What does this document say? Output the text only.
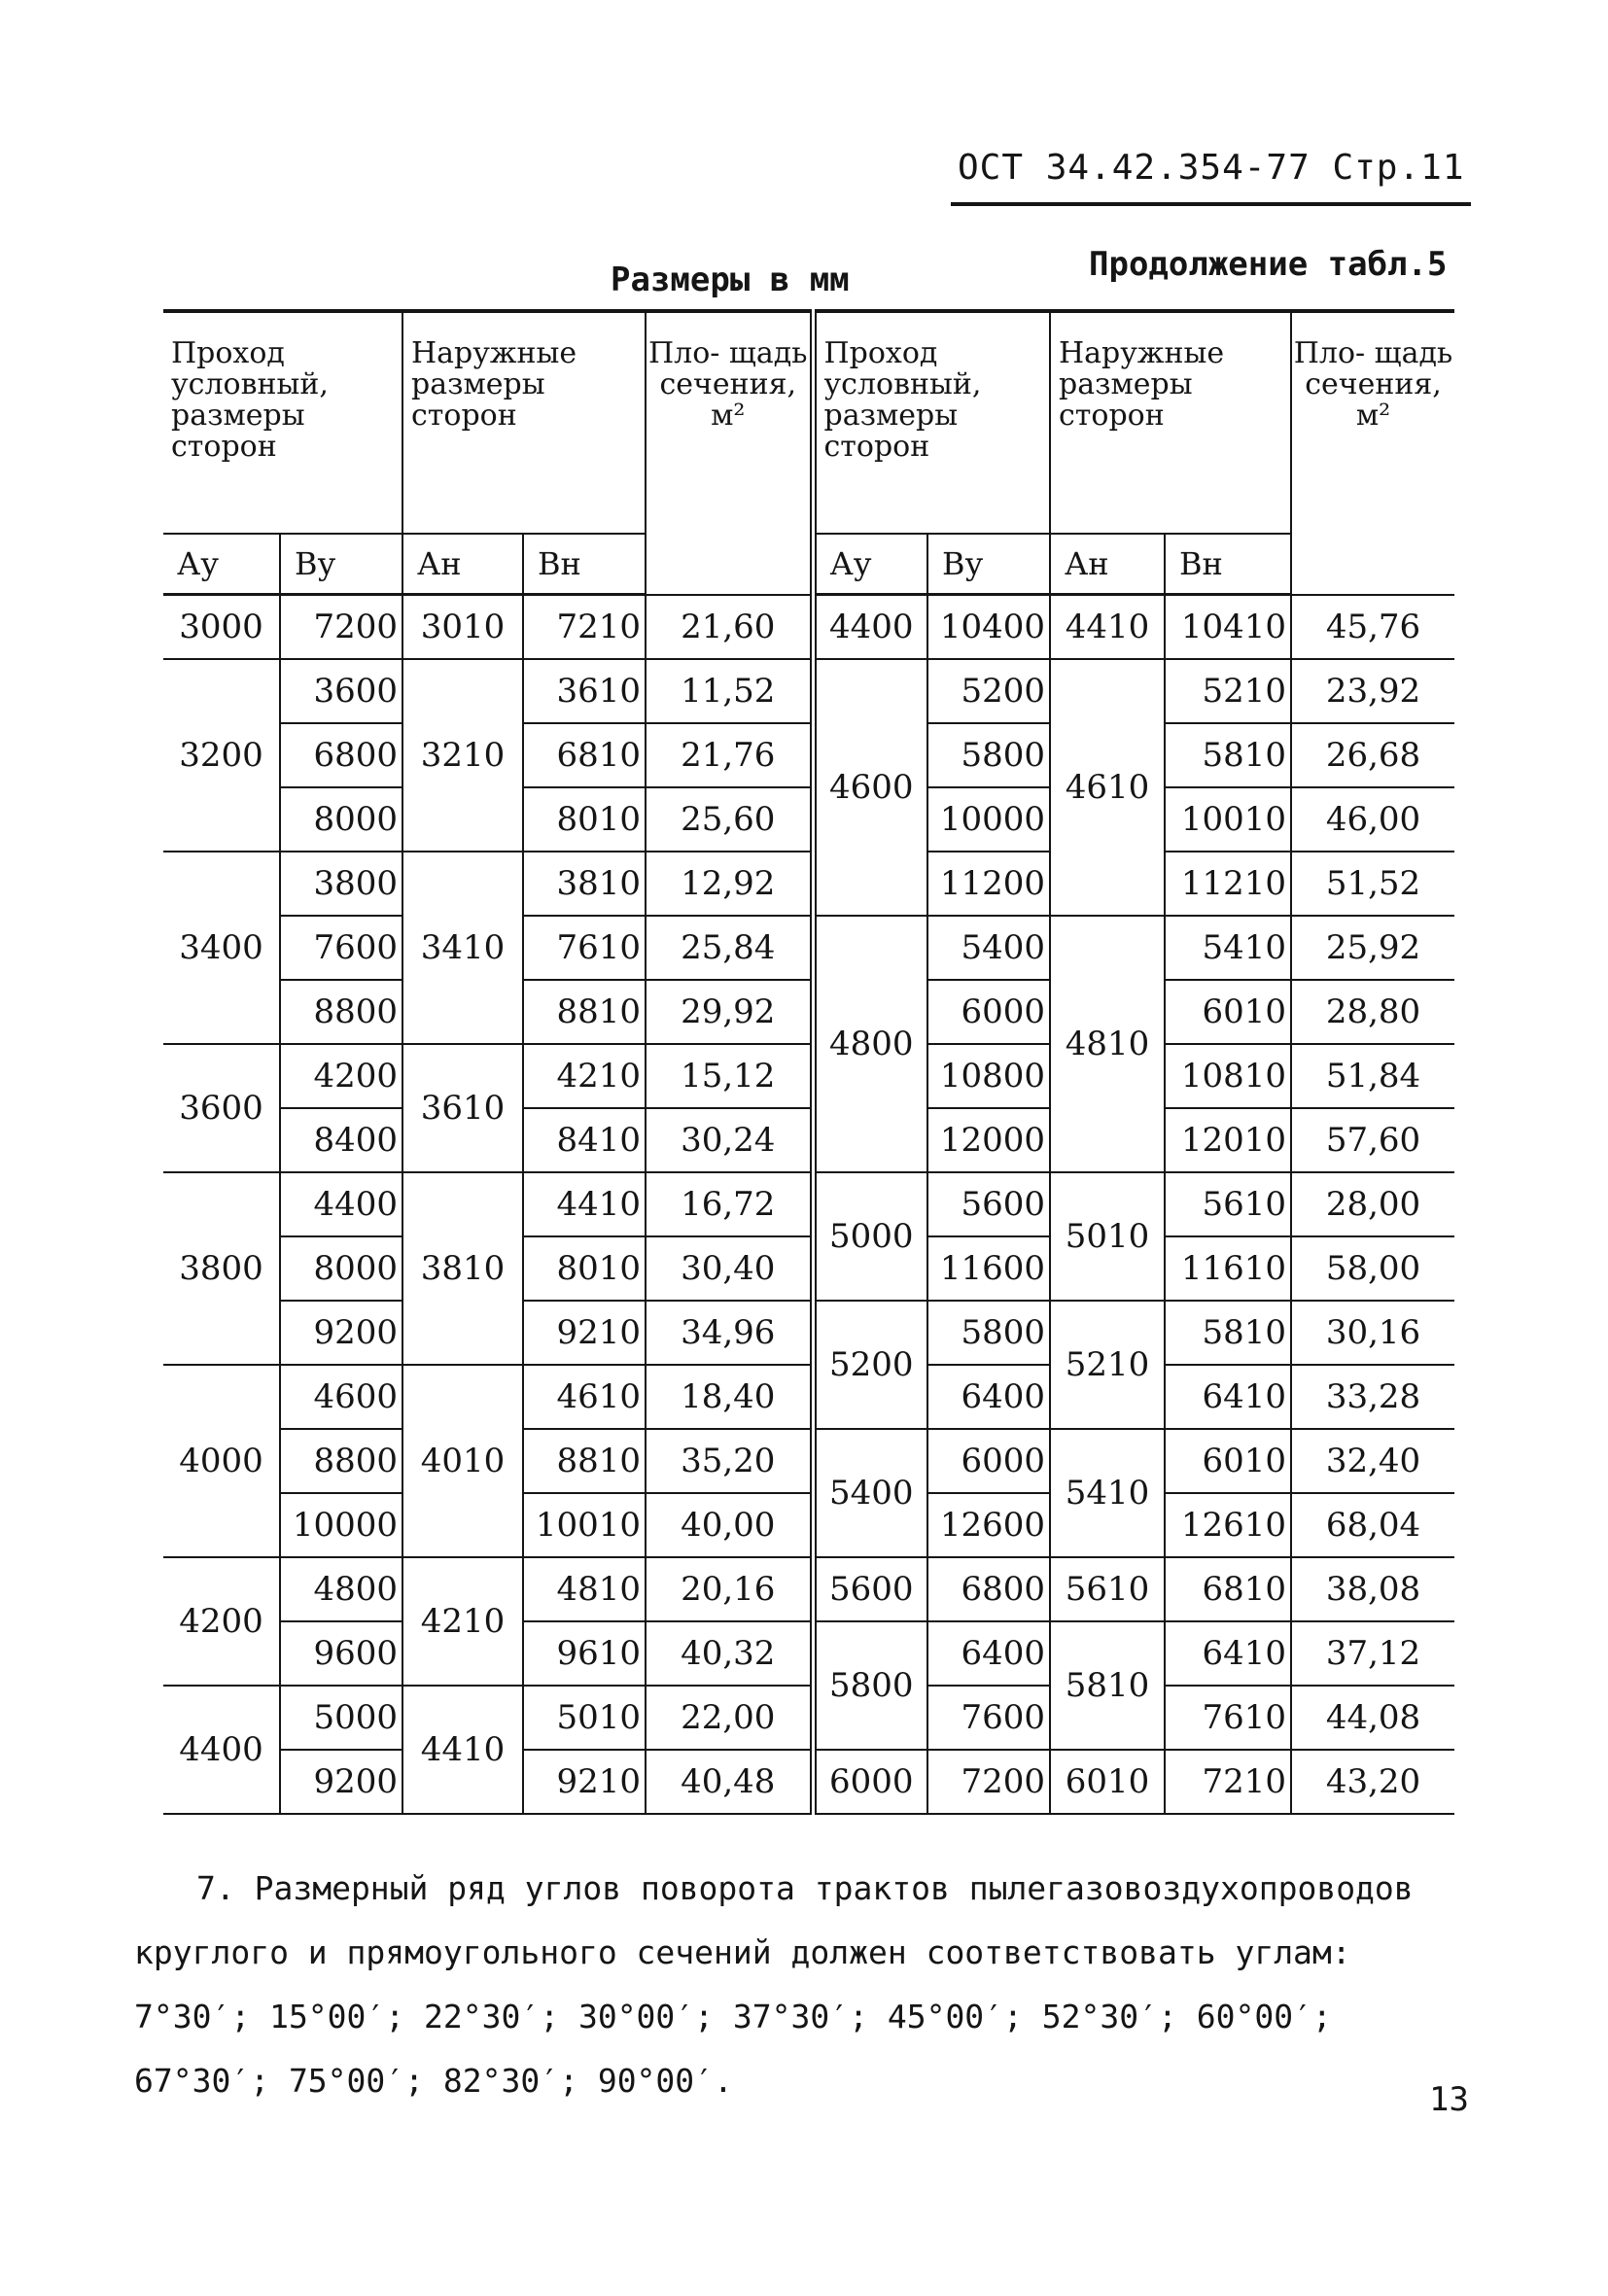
ОСТ 34.42.354-77 Стр.11
Размеры в мм	Продолжение табл.5
Проход условный, размеры сторон		Наружные размеры сторон		Пло- щадь сечения, м²	Проход условный, размеры сторон		Наружные размеры сторон		Пло- щадь сечения, м²
Ау	Ву	Ан	Вн		Ау	Ву	Ан	Вн	
3000	7200	3010	7210	21,60	4400	10400	4410	10410	45,76
3200	3600	3210	3610	11,52	4600	5200	4610	5210	23,92
	6800		6810	21,76		5800		5810	26,68
	8000		8010	25,60		10000		10010	46,00
3400	3800	3410	3810	12,92		11200		11210	51,52
	7600		7610	25,84	4800	5400	4810	5410	25,92
	8800		8810	29,92		6000		6010	28,80
3600	4200	3610	4210	15,12		10800		10810	51,84
	8400		8410	30,24		12000		12010	57,60
3800	4400	3810	4410	16,72	5000	5600	5010	5610	28,00
	8000		8010	30,40		11600		11610	58,00
	9200		9210	34,96	5200	5800	5210	5810	30,16
4000	4600	4010	4610	18,40		6400		6410	33,28
	8800		8810	35,20	5400	6000	5410	6010	32,40
	10000		10010	40,00		12600		12610	68,04
4200	4800	4210	4810	20,16	5600	6800	5610	6810	38,08
	9600		9610	40,32	5800	6400	5810	6410	37,12
4400	5000	4410	5010	22,00		7600		7610	44,08
	9200		9210	40,48	6000	7200	6010	7210	43,20
7. Размерный ряд углов поворота трактов пылегазовоздухопроводов круглого и прямоугольного сечений должен соответствовать углам: 7°30′; 15°00′; 22°30′; 30°00′; 37°30′; 45°00′; 52°30′; 60°00′; 67°30′; 75°00′; 82°30′; 90°00′.	13
